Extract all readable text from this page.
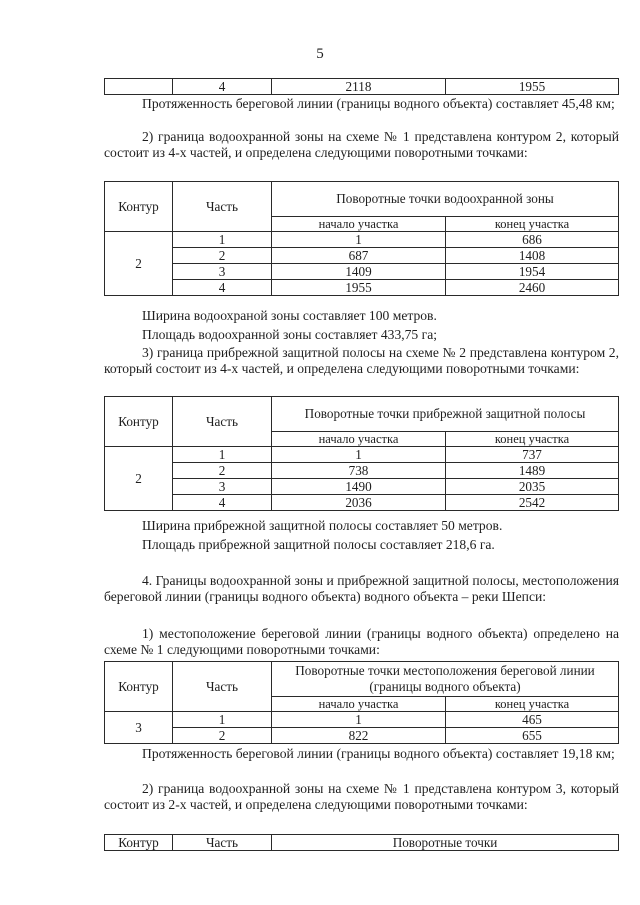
5
	4	2118	1955

Протяженность береговой линии (границы водного объекта) составляет 45,48 км;

2) граница водоохранной зоны на схеме № 1 представлена контуром 2, который состоит из 4-х частей, и определена следующими поворотными точками:

Контур	Часть	Поворотные точки водоохранной зоны	
		начало участка	конец участка
2	1	1	686
	2	687	1408
	3	1409	1954
	4	1955	2460

Ширина водоохраной зоны составляет 100 метров.

Площадь водоохранной зоны составляет 433,75 га;

3) граница прибрежной защитной полосы на схеме № 2 представлена контуром 2, который состоит из 4-х частей, и определена следующими поворотными точками:

Контур	Часть	Поворотные точки прибрежной защитной полосы	
		начало участка	конец участка
2	1	1	737
	2	738	1489
	3	1490	2035
	4	2036	2542

Ширина прибрежной защитной полосы составляет 50 метров.

Площадь прибрежной защитной полосы составляет 218,6 га.

4. Границы водоохранной зоны и прибрежной защитной полосы, местоположения береговой линии (границы водного объекта) водного объекта – реки Шепси:

1) местоположение береговой линии (границы водного объекта) определено на схеме № 1 следующими поворотными точками:

Контур	Часть	Поворотные точки местоположения береговой линии (границы водного объекта)	
		начало участка	конец участка
3	1	1	465
	2	822	655

Протяженность береговой линии (границы водного объекта) составляет 19,18 км;

2) граница водоохранной зоны на схеме № 1 представлена контуром 3, который состоит из 2-х частей, и определена следующими поворотными точками:

Контур	Часть	Поворотные точки
